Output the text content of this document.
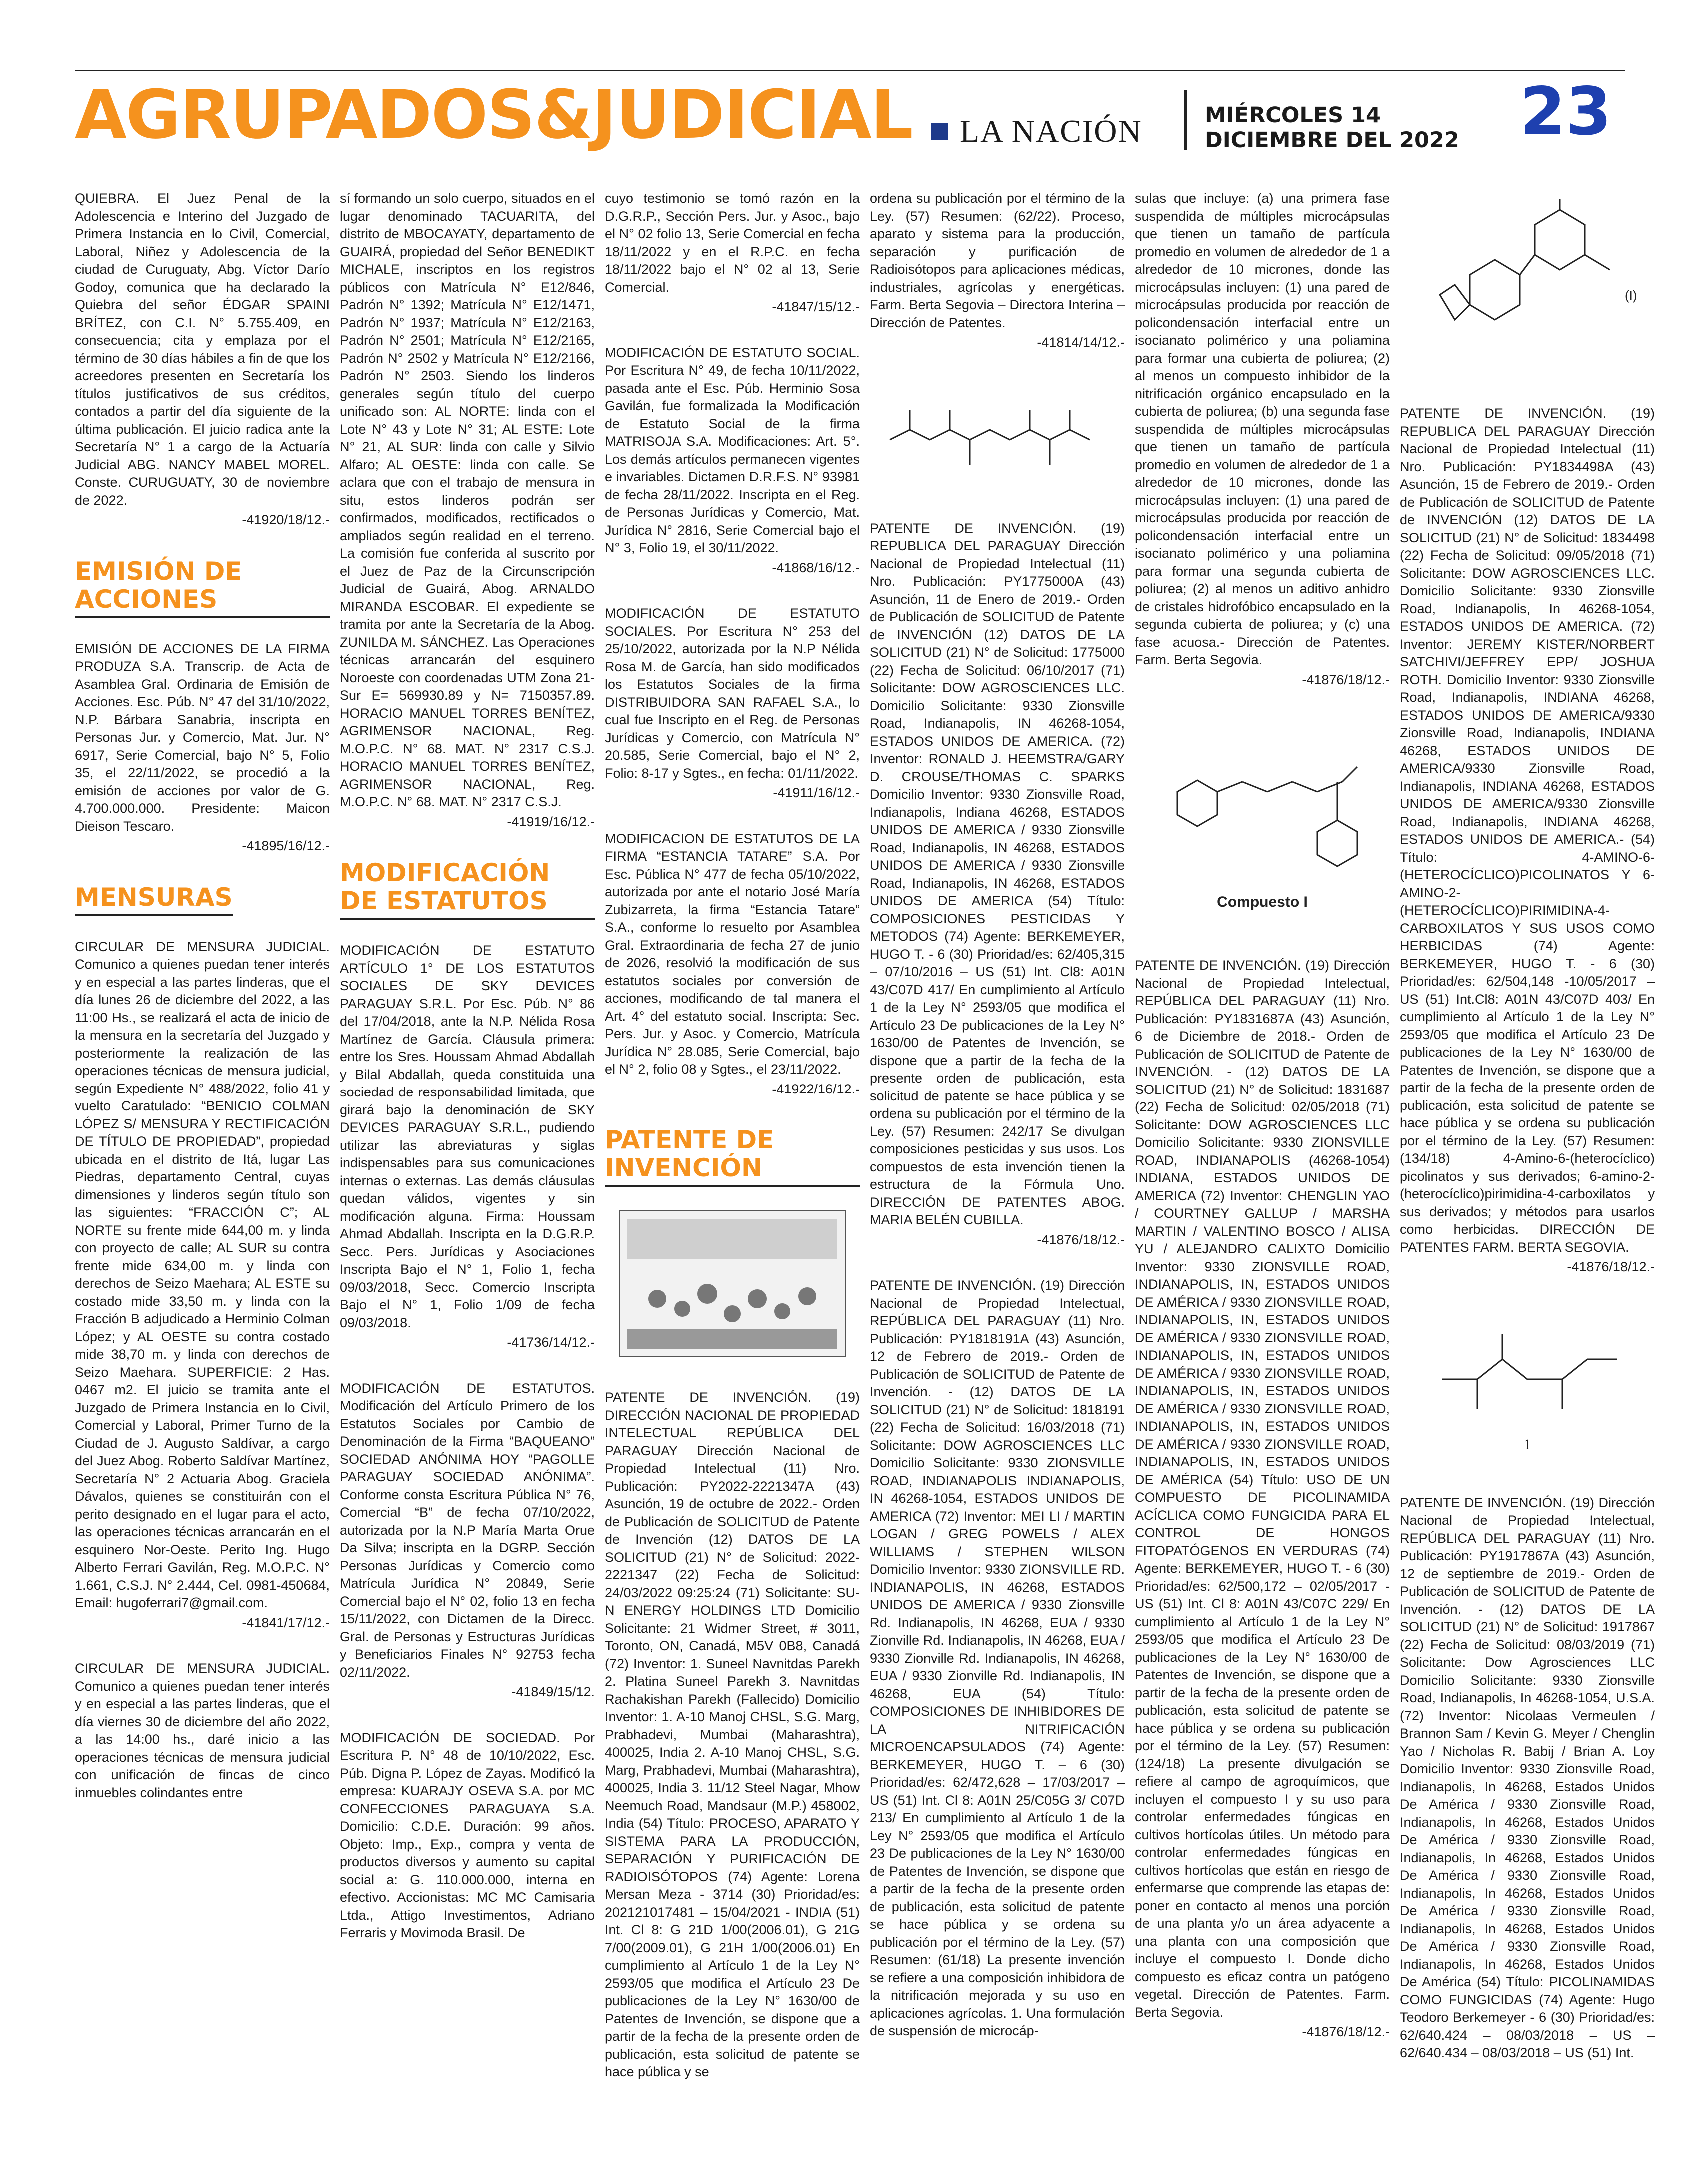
AGRUPADOS&JUDICIAL LA NACIÓN	MIÉRCOLES 14
DICIEMBRE DEL 2022 23

QUIEBRA. El Juez Penal de la Adolescencia e Interino del Juzgado de Primera Instancia en lo Civil, Comercial, Laboral, Niñez y Adolescencia de la ciudad de Curuguaty, Abg. Víctor Darío Godoy, comunica que ha declarado la Quiebra del señor ÉDGAR SPAINI BRÍTEZ, con C.I. N° 5.755.409, en consecuencia; cita y emplaza por el término de 30 días hábiles a fin de que los acreedores presenten en Secretaría los títulos justificativos de sus créditos, contados a partir del día siguiente de la última publicación. El juicio radica ante la Secretaría N° 1 a cargo de la Actuaría Judicial ABG. NANCY MABEL MOREL. Conste. CURUGUATY, 30 de noviembre de 2022.
-41920/18/12.-

EMISIÓN DE ACCIONES

EMISIÓN DE ACCIONES DE LA FIRMA PRODUZA S.A. Transcrip. de Acta de Asamblea Gral. Ordinaria de Emisión de Acciones. Esc. Púb. N° 47 del 31/10/2022, N.P. Bárbara Sanabria, inscripta en Personas Jur. y Comercio, Mat. Jur. N° 6917, Serie Comercial, bajo N° 5, Folio 35, el 22/11/2022, se procedió a la emisión de acciones por valor de G. 4.700.000.000. Presidente: Maicon Dieison Tescaro.
-41895/16/12.-

MENSURAS

CIRCULAR DE MENSURA JUDICIAL. Comunico a quienes puedan tener interés y en especial a las partes linderas, que el día lunes 26 de diciembre del 2022, a las 11:00 Hs., se realizará el acta de inicio de la mensura en la secretaría del Juzgado y posteriormente la realización de las operaciones técnicas de mensura judicial, según Expediente N° 488/2022, folio 41 y vuelto Caratulado: “BENICIO COLMAN LÓPEZ S/ MENSURA Y RECTIFICACIÓN DE TÍTULO DE PROPIEDAD”, propiedad ubicada en el distrito de Itá, lugar Las Piedras, departamento Central, cuyas dimensiones y linderos según título son las siguientes: “FRACCIÓN C”; AL NORTE su frente mide 644,00 m. y linda con proyecto de calle; AL SUR su contra frente mide 634,00 m. y linda con derechos de Seizo Maehara; AL ESTE su costado mide 33,50 m. y linda con la Fracción B adjudicado a Herminio Colman López; y AL OESTE su contra costado mide 38,70 m. y linda con derechos de Seizo Maehara. SUPERFICIE: 2 Has. 0467 m2. El juicio se tramita ante el Juzgado de Primera Instancia en lo Civil, Comercial y Laboral, Primer Turno de la Ciudad de J. Augusto Saldívar, a cargo del Juez Abog. Roberto Saldívar Martínez, Secretaría N° 2 Actuaria Abog. Graciela Dávalos, quienes se constituirán con el perito designado en el lugar para el acto, las operaciones técnicas arrancarán en el esquinero Nor-Oeste. Perito Ing. Hugo Alberto Ferrari Gavilán, Reg. M.O.P.C. N° 1.661, C.S.J. N° 2.444, Cel. 0981-450684, Email: hugoferrari7@gmail.com.
-41841/17/12.-

CIRCULAR DE MENSURA JUDICIAL. Comunico a quienes puedan tener interés y en especial a las partes linderas, que el día viernes 30 de diciembre del año 2022, a las 14:00 hs., daré inicio a las operaciones técnicas de mensura judicial con unificación de fincas de cinco inmuebles colindantes entre

sí formando un solo cuerpo, situados en el lugar denominado TACUARITA, del distrito de MBOCAYATY, departamento de GUAIRÁ, propiedad del Señor BENEDIKT MICHALE, inscriptos en los registros públicos con Matrícula N° E12/846, Padrón N° 1392; Matrícula N° E12/1471, Padrón N° 1937; Matrícula N° E12/2163, Padrón N° 2501; Matrícula N° E12/2165, Padrón N° 2502 y Matrícula N° E12/2166, Padrón N° 2503. Siendo los linderos generales según título del cuerpo unificado son: AL NORTE: linda con el Lote N° 43 y Lote N° 31; AL ESTE: Lote N° 21, AL SUR: linda con calle y Silvio Alfaro; AL OESTE: linda con calle. Se aclara que con el trabajo de mensura in situ, estos linderos podrán ser confirmados, modificados, rectificados o ampliados según realidad en el terreno. La comisión fue conferida al suscrito por el Juez de Paz de la Circunscripción Judicial de Guairá, Abog. ARNALDO MIRANDA ESCOBAR. El expediente se tramita por ante la Secretaría de la Abog. ZUNILDA M. SÁNCHEZ. Las Operaciones técnicas arrancarán del esquinero Noroeste con coordenadas UTM Zona 21-Sur E= 569930.89 y N= 7150357.89. HORACIO MANUEL TORRES BENÍTEZ, AGRIMENSOR NACIONAL, Reg. M.O.P.C. N° 68. MAT. N° 2317 C.S.J. HORACIO MANUEL TORRES BENÍTEZ, AGRIMENSOR NACIONAL, Reg. M.O.P.C. N° 68. MAT. N° 2317 C.S.J.
-41919/16/12.-

MODIFICACIÓN DE ESTATUTOS

MODIFICACIÓN DE ESTATUTO ARTÍCULO 1° DE LOS ESTATUTOS SOCIALES DE SKY DEVICES PARAGUAY S.R.L. Por Esc. Púb. N° 86 del 17/04/2018, ante la N.P. Nélida Rosa Martínez de García. Cláusula primera: entre los Sres. Houssam Ahmad Abdallah y Bilal Abdallah, queda constituida una sociedad de responsabilidad limitada, que girará bajo la denominación de SKY DEVICES PARAGUAY S.R.L., pudiendo utilizar las abreviaturas y siglas indispensables para sus comunicaciones internas o externas. Las demás cláusulas quedan válidos, vigentes y sin modificación alguna. Firma: Houssam Ahmad Abdallah. Inscripta en la D.G.R.P. Secc. Pers. Jurídicas y Asociaciones Inscripta Bajo el N° 1, Folio 1, fecha 09/03/2018, Secc. Comercio Inscripta Bajo el N° 1, Folio 1/09 de fecha 09/03/2018.
-41736/14/12.-

MODIFICACIÓN DE ESTATUTOS. Modificación del Artículo Primero de los Estatutos Sociales por Cambio de Denominación de la Firma “BAQUEANO” SOCIEDAD ANÓNIMA HOY “PAGOLLE PARAGUAY SOCIEDAD ANÓNIMA”. Conforme consta Escritura Pública N° 76, Comercial “B” de fecha 07/10/2022, autorizada por la N.P María Marta Orue Da Silva; inscripta en la DGRP. Sección Personas Jurídicas y Comercio como Matrícula Jurídica N° 20849, Serie Comercial bajo el N° 02, folio 13 en fecha 15/11/2022, con Dictamen de la Direcc. Gral. de Personas y Estructuras Jurídicas y Beneficiarios Finales N° 92753 fecha 02/11/2022.
-41849/15/12.

MODIFICACIÓN DE SOCIEDAD. Por Escritura P. N° 48 de 10/10/2022, Esc. Púb. Digna P. López de Zayas. Modificó la empresa: KUARAJY OSEVA S.A. por MC CONFECCIONES PARAGUAYA S.A. Domicilio: C.D.E. Duración: 99 años. Objeto: Imp., Exp., compra y venta de productos diversos y aumento su capital social a: G. 110.000.000, interna en efectivo. Accionistas: MC MC Camisaria Ltda., Attigo Investimentos, Adriano Ferraris y Movimoda Brasil. De

cuyo testimonio se tomó razón en la D.G.R.P., Sección Pers. Jur. y Asoc., bajo el N° 02 folio 13, Serie Comercial en fecha 18/11/2022 y en el R.P.C. en fecha 18/11/2022 bajo el N° 02 al 13, Serie Comercial.
-41847/15/12.-

MODIFICACIÓN DE ESTATUTO SOCIAL. Por Escritura N° 49, de fecha 10/11/2022, pasada ante el Esc. Púb. Herminio Sosa Gavilán, fue formalizada la Modificación de Estatuto Social de la firma MATRISOJA S.A. Modificaciones: Art. 5°. Los demás artículos permanecen vigentes e invariables. Dictamen D.R.F.S. N° 93981 de fecha 28/11/2022. Inscripta en el Reg. de Personas Jurídicas y Comercio, Mat. Jurídica N° 2816, Serie Comercial bajo el N° 3, Folio 19, el 30/11/2022.
-41868/16/12.-

MODIFICACIÓN DE ESTATUTO SOCIALES. Por Escritura N° 253 del 25/10/2022, autorizada por la N.P Nélida Rosa M. de García, han sido modificados los Estatutos Sociales de la firma DISTRIBUIDORA SAN RAFAEL S.A., lo cual fue Inscripto en el Reg. de Personas Jurídicas y Comercio, con Matrícula N° 20.585, Serie Comercial, bajo el N° 2, Folio: 8-17 y Sgtes., en fecha: 01/11/2022.
-41911/16/12.-

MODIFICACION DE ESTATUTOS DE LA FIRMA “ESTANCIA TATARE” S.A. Por Esc. Pública N° 477 de fecha 05/10/2022, autorizada por ante el notario José María Zubizarreta, la firma “Estancia Tatare” S.A., conforme lo resuelto por Asamblea Gral. Extraordinaria de fecha 27 de junio de 2026, resolvió la modificación de sus estatutos sociales por conversión de acciones, modificando de tal manera el Art. 4° del estatuto social. Inscripta: Sec. Pers. Jur. y Asoc. y Comercio, Matrícula Jurídica N° 28.085, Serie Comercial, bajo el N° 2, folio 08 y Sgtes., el 23/11/2022.
-41922/16/12.-

PATENTE DE INVENCIÓN

PATENTE DE INVENCIÓN. (19) DIRECCIÓN NACIONAL DE PROPIEDAD INTELECTUAL REPÚBLICA DEL PARAGUAY Dirección Nacional de Propiedad Intelectual (11) Nro. Publicación: PY2022-2221347A (43) Asunción, 19 de octubre de 2022.- Orden de Publicación de SOLICITUD de Patente de Invención (12) DATOS DE LA SOLICITUD (21) N° de Solicitud: 2022-2221347 (22) Fecha de Solicitud: 24/03/2022 09:25:24 (71) Solicitante: SU-N ENERGY HOLDINGS LTD Domicilio Solicitante: 21 Widmer Street, # 3011, Toronto, ON, Canadá, M5V 0B8, Canadá (72) Inventor: 1. Suneel Navnitdas Parekh 2. Platina Suneel Parekh 3. Navnitdas Rachakishan Parekh (Fallecido) Domicilio Inventor: 1. A-10 Manoj CHSL, S.G. Marg, Prabhadevi, Mumbai (Maharashtra), 400025, India 2. A-10 Manoj CHSL, S.G. Marg, Prabhadevi, Mumbai (Maharashtra), 400025, India 3. 11/12 Steel Nagar, Mhow Neemuch Road, Mandsaur (M.P.) 458002, India (54) Título: PROCESO, APARATO Y SISTEMA PARA LA PRODUCCIÓN, SEPARACIÓN Y PURIFICACIÓN DE RADIOISÓTOPOS (74) Agente: Lorena Mersan Meza - 3714 (30) Prioridad/es: 202121017481 – 15/04/2021 - INDIA (51) Int. Cl 8: G 21D 1/00(2006.01), G 21G 7/00(2009.01), G 21H 1/00(2006.01) En cumplimiento al Artículo 1 de la Ley N° 2593/05 que modifica el Artículo 23 De publicaciones de la Ley N° 1630/00 de Patentes de Invención, se dispone que a partir de la fecha de la presente orden de publicación, esta solicitud de patente se hace pública y se

ordena su publicación por el término de la Ley. (57) Resumen: (62/22). Proceso, aparato y sistema para la producción, separación y purificación de Radioisótopos para aplicaciones médicas, industriales, agrícolas y energéticas. Farm. Berta Segovia – Directora Interina – Dirección de Patentes.
-41814/14/12.-

PATENTE DE INVENCIÓN. (19) REPUBLICA DEL PARAGUAY Dirección Nacional de Propiedad Intelectual (11) Nro. Publicación: PY1775000A (43) Asunción, 11 de Enero de 2019.- Orden de Publicación de SOLICITUD de Patente de INVENCIÓN (12) DATOS DE LA SOLICITUD (21) N° de Solicitud: 1775000 (22) Fecha de Solicitud: 06/10/2017 (71) Solicitante: DOW AGROSCIENCES LLC. Domicilio Solicitante: 9330 Zionsville Road, Indianapolis, IN 46268-1054, ESTADOS UNIDOS DE AMERICA. (72) Inventor: RONALD J. HEEMSTRA/GARY D. CROUSE/THOMAS C. SPARKS Domicilio Inventor: 9330 Zionsville Road, Indianapolis, Indiana 46268, ESTADOS UNIDOS DE AMERICA / 9330 Zionsville Road, Indianapolis, IN 46268, ESTADOS UNIDOS DE AMERICA / 9330 Zionsville Road, Indianapolis, IN 46268, ESTADOS UNIDOS DE AMERICA (54) Título: COMPOSICIONES PESTICIDAS Y METODOS (74) Agente: BERKEMEYER, HUGO T. - 6 (30) Prioridad/es: 62/405,315 – 07/10/2016 – US (51) Int. Cl8: A01N 43/C07D 417/ En cumplimiento al Artículo 1 de la Ley N° 2593/05 que modifica el Artículo 23 De publicaciones de la Ley N° 1630/00 de Patentes de Invención, se dispone que a partir de la fecha de la presente orden de publicación, esta solicitud de patente se hace pública y se ordena su publicación por el término de la Ley. (57) Resumen: 242/17 Se divulgan composiciones pesticidas y sus usos. Los compuestos de esta invención tienen la estructura de la Fórmula Uno. DIRECCIÓN DE PATENTES ABOG. MARIA BELÉN CUBILLA.
-41876/18/12.-

PATENTE DE INVENCIÓN. (19) Dirección Nacional de Propiedad Intelectual, REPÚBLICA DEL PARAGUAY (11) Nro. Publicación: PY1818191A (43) Asunción, 12 de Febrero de 2019.- Orden de Publicación de SOLICITUD de Patente de Invención. - (12) DATOS DE LA SOLICITUD (21) N° de Solicitud: 1818191 (22) Fecha de Solicitud: 16/03/2018 (71) Solicitante: DOW AGROSCIENCES LLC Domicilio Solicitante: 9330 ZIONSVILLE ROAD, INDIANAPOLIS INDIANAPOLIS, IN 46268-1054, ESTADOS UNIDOS DE AMERICA (72) Inventor: MEI LI / MARTIN LOGAN / GREG POWELS / ALEX WILLIAMS / STEPHEN WILSON Domicilio Inventor: 9330 ZIONSVILLE RD. INDIANAPOLIS, IN 46268, ESTADOS UNIDOS DE AMERICA / 9330 Zionsville Rd. Indianapolis, IN 46268, EUA / 9330 Zionville Rd. Indianapolis, IN 46268, EUA / 9330 Zionville Rd. Indianapolis, IN 46268, EUA / 9330 Zionville Rd. Indianapolis, IN 46268, EUA (54) Título: COMPOSICIONES DE INHIBIDORES DE LA NITRIFICACIÓN MICROENCAPSULADOS (74) Agente: BERKEMEYER, HUGO T. – 6 (30) Prioridad/es: 62/472,628 – 17/03/2017 – US (51) Int. Cl 8: A01N 25/C05G 3/ C07D 213/ En cumplimiento al Artículo 1 de la Ley N° 2593/05 que modifica el Artículo 23 De publicaciones de la Ley N° 1630/00 de Patentes de Invención, se dispone que a partir de la fecha de la presente orden de publicación, esta solicitud de patente se hace pública y se ordena su publicación por el término de la Ley. (57) Resumen: (61/18) La presente invención se refiere a una composición inhibidora de la nitrificación mejorada y su uso en aplicaciones agrícolas. 1. Una formulación de suspensión de microcáp-

sulas que incluye: (a) una primera fase suspendida de múltiples microcápsulas que tienen un tamaño de partícula promedio en volumen de alrededor de 1 a alrededor de 10 micrones, donde las microcápsulas incluyen: (1) una pared de microcápsulas producida por reacción de policondensación interfacial entre un isocianato polimérico y una poliamina para formar una cubierta de poliurea; (2) al menos un compuesto inhibidor de la nitrificación orgánico encapsulado en la cubierta de poliurea; (b) una segunda fase suspendida de múltiples microcápsulas que tienen un tamaño de partícula promedio en volumen de alrededor de 1 a alrededor de 10 micrones, donde las microcápsulas incluyen: (1) una pared de microcápsulas producida por reacción de policondensación interfacial entre un isocianato polimérico y una poliamina para formar una segunda cubierta de poliurea; (2) al menos un aditivo anhidro de cristales hidrofóbico encapsulado en la segunda cubierta de poliurea; y (c) una fase acuosa.- Dirección de Patentes. Farm. Berta Segovia.
-41876/18/12.-

Compuesto I

PATENTE DE INVENCIÓN. (19) Dirección Nacional de Propiedad Intelectual, REPÚBLICA DEL PARAGUAY (11) Nro. Publicación: PY1831687A (43) Asunción, 6 de Diciembre de 2018.- Orden de Publicación de SOLICITUD de Patente de INVENCIÓN. - (12) DATOS DE LA SOLICITUD (21) N° de Solicitud: 1831687 (22) Fecha de Solicitud: 02/05/2018 (71) Solicitante: DOW AGROSCIENCES LLC Domicilio Solicitante: 9330 ZIONSVILLE ROAD, INDIANAPOLIS (46268-1054) INDIANA, ESTADOS UNIDOS DE AMERICA (72) Inventor: CHENGLIN YAO / COURTNEY GALLUP / MARSHA MARTIN / VALENTINO BOSCO / ALISA YU / ALEJANDRO CALIXTO Domicilio Inventor: 9330 ZIONSVILLE ROAD, INDIANAPOLIS, IN, ESTADOS UNIDOS DE AMÉRICA / 9330 ZIONSVILLE ROAD, INDIANAPOLIS, IN, ESTADOS UNIDOS DE AMÉRICA / 9330 ZIONSVILLE ROAD, INDIANAPOLIS, IN, ESTADOS UNIDOS DE AMÉRICA / 9330 ZIONSVILLE ROAD, INDIANAPOLIS, IN, ESTADOS UNIDOS DE AMÉRICA / 9330 ZIONSVILLE ROAD, INDIANAPOLIS, IN, ESTADOS UNIDOS DE AMÉRICA / 9330 ZIONSVILLE ROAD, INDIANAPOLIS, IN, ESTADOS UNIDOS DE AMÉRICA (54) Título: USO DE UN COMPUESTO DE PICOLINAMIDA ACÍCLICA COMO FUNGICIDA PARA EL CONTROL DE HONGOS FITOPATÓGENOS EN VERDURAS (74) Agente: BERKEMEYER, HUGO T. - 6 (30) Prioridad/es: 62/500,172 – 02/05/2017 - US (51) Int. Cl 8: A01N 43/C07C 229/ En cumplimiento al Artículo 1 de la Ley N° 2593/05 que modifica el Artículo 23 De publicaciones de la Ley N° 1630/00 de Patentes de Invención, se dispone que a partir de la fecha de la presente orden de publicación, esta solicitud de patente se hace pública y se ordena su publicación por el término de la Ley. (57) Resumen: (124/18) La presente divulgación se refiere al campo de agroquímicos, que incluyen el compuesto I y su uso para controlar enfermedades fúngicas en cultivos hortícolas útiles. Un método para controlar enfermedades fúngicas en cultivos hortícolas que están en riesgo de enfermarse que comprende las etapas de: poner en contacto al menos una porción de una planta y/o un área adyacente a una planta con una composición que incluye el compuesto I. Donde dicho compuesto es eficaz contra un patógeno vegetal. Dirección de Patentes. Farm. Berta Segovia.
-41876/18/12.-

(I)

PATENTE DE INVENCIÓN. (19) REPUBLICA DEL PARAGUAY Dirección Nacional de Propiedad Intelectual (11) Nro. Publicación: PY1834498A (43) Asunción, 15 de Febrero de 2019.- Orden de Publicación de SOLICITUD de Patente de INVENCIÓN (12) DATOS DE LA SOLICITUD (21) N° de Solicitud: 1834498 (22) Fecha de Solicitud: 09/05/2018 (71) Solicitante: DOW AGROSCIENCES LLC. Domicilio Solicitante: 9330 Zionsville Road, Indianapolis, In 46268-1054, ESTADOS UNIDOS DE AMERICA. (72) Inventor: JEREMY KISTER/NORBERT SATCHIVI/JEFFREY EPP/ JOSHUA ROTH. Domicilio Inventor: 9330 Zionsville Road, Indianapolis, INDIANA 46268, ESTADOS UNIDOS DE AMERICA/9330 Zionsville Road, Indianapolis, INDIANA 46268, ESTADOS UNIDOS DE AMERICA/9330 Zionsville Road, Indianapolis, INDIANA 46268, ESTADOS UNIDOS DE AMERICA/9330 Zionsville Road, Indianapolis, INDIANA 46268, ESTADOS UNIDOS DE AMERICA.- (54) Título: 4-AMINO-6-(HETEROCÍCLICO)PICOLINATOS Y 6-AMINO-2-(HETEROCÍCLICO)PIRIMIDINA-4- CARBOXILATOS Y SUS USOS COMO HERBICIDAS (74) Agente: BERKEMEYER, HUGO T. - 6 (30) Prioridad/es: 62/504,148 -10/05/2017 – US (51) Int.Cl8: A01N 43/C07D 403/ En cumplimiento al Artículo 1 de la Ley N° 2593/05 que modifica el Artículo 23 De publicaciones de la Ley N° 1630/00 de Patentes de Invención, se dispone que a partir de la fecha de la presente orden de publicación, esta solicitud de patente se hace pública y se ordena su publicación por el término de la Ley. (57) Resumen: (134/18) 4-Amino-6-(heterocíclico) picolinatos y sus derivados; 6-amino-2-(heterocíclico)pirimidina-4-carboxilatos y sus derivados; y métodos para usarlos como herbicidas. DIRECCIÓN DE PATENTES FARM. BERTA SEGOVIA.
-41876/18/12.-

1

PATENTE DE INVENCIÓN. (19) Dirección Nacional de Propiedad Intelectual, REPÚBLICA DEL PARAGUAY (11) Nro. Publicación: PY1917867A (43) Asunción, 12 de septiembre de 2019.- Orden de Publicación de SOLICITUD de Patente de Invención. - (12) DATOS DE LA SOLICITUD (21) N° de Solicitud: 1917867 (22) Fecha de Solicitud: 08/03/2019 (71) Solicitante: Dow Agrosciences LLC Domicilio Solicitante: 9330 Zionsville Road, Indianapolis, In 46268-1054, U.S.A. (72) Inventor: Nicolaas Vermeulen / Brannon Sam / Kevin G. Meyer / Chenglin Yao / Nicholas R. Babij / Brian A. Loy Domicilio Inventor: 9330 Zionsville Road, Indianapolis, In 46268, Estados Unidos De América / 9330 Zionsville Road, Indianapolis, In 46268, Estados Unidos De América / 9330 Zionsville Road, Indianapolis, In 46268, Estados Unidos De América / 9330 Zionsville Road, Indianapolis, In 46268, Estados Unidos De América / 9330 Zionsville Road, Indianapolis, In 46268, Estados Unidos De América / 9330 Zionsville Road, Indianapolis, In 46268, Estados Unidos De América (54) Título: PICOLINAMIDAS COMO FUNGICIDAS (74) Agente: Hugo Teodoro Berkemeyer - 6 (30) Prioridad/es: 62/640.424 – 08/03/2018 – US – 62/640.434 – 08/03/2018 – US (51) Int.
